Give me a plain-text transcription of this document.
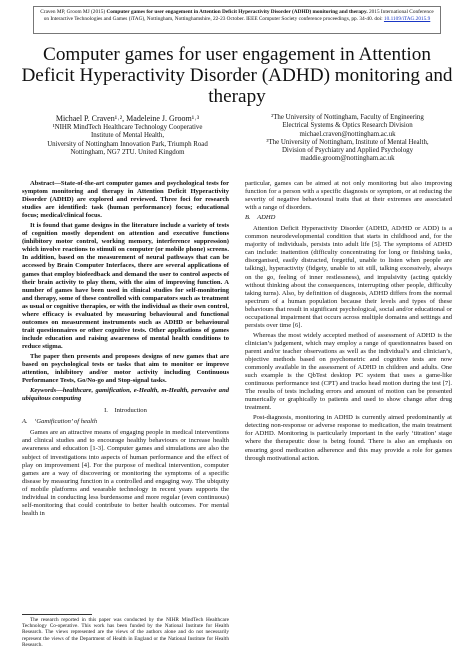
Craven MP, Groom MJ (2015) Computer games for user engagement in Attention Deficit Hyperactivity Disorder (ADHD) monitoring and therapy. 2015 International Conference on Interactive Technologies and Games (iTAG), Nottingham, Nottinghamshire, 22-23 October. IEEE Computer Society conference proceedings, pp. 34-40. doi: 10.1109/iTAG.2015.9
Computer games for user engagement in Attention Deficit Hyperactivity Disorder (ADHD) monitoring and therapy
Michael P. Craven¹˒², Madeleine J. Groom¹˒³
¹NIHR MindTech Healthcare Technology Cooperative
Institute of Mental Health,
University of Nottingham Innovation Park, Triumph Road
Nottingham, NG7 2TU. United Kingdom
²The University of Nottingham, Faculty of Engineering
Electrical Systems & Optics Research Division
michael.craven@nottingham.ac.uk
³The University of Nottingham, Institute of Mental Health,
Division of Psychiatry and Applied Psychology
maddie.groom@nottingham.ac.uk

Abstract—State-of-the-art computer games and psychological tests for symptom monitoring and therapy in Attention Deficit Hyperactivity Disorder (ADHD) are explored and reviewed. Three foci for research studies are identified: task (human performance) focus; educational focus; medical/clinical focus.

It is found that game designs in the literature include a variety of tests of cognition mostly dependent on attention and executive functions (inhibitory motor control, working memory, interference suppression) which involve reactions to stimuli on computer (or mobile phone) screens. In addition, based on the measurement of neural pathways that can be accessed by Brain Computer Interfaces, there are several applications of games that employ biofeedback and demand the user to control aspects of their brain activity to play them, with the aim of improving function. A number of games have been used in clinical studies for self-monitoring and therapy, some of these controlled with comparators such as treatment as usual or cognitive therapies, or with the individual as their own control, where efficacy is evaluated by measuring behavioural and functional outcomes on measurement instruments such as ADHD or behavioural trait questionnaires or other cognitive tests. Other applications of games include education and raising awareness of mental health conditions to reduce stigma.

The paper then presents and proposes designs of new games that are based on psychological tests or tasks that aim to monitor or improve attention, inhibitory and/or motor activity including Continuous Performance Tests, Go/No-go and Stop-signal tasks.

Keywords—healthcare, gamification, e-Health, m-Health, pervasive and ubiquitous computing

I. Introduction
A. ‘Gamification’ of health

Games are an attractive means of engaging people in medical interventions and clinical studies and to encourage healthy behaviours or increase health awareness and education [1-3]. Computer games and simulations are also the subject of investigations into aspects of human performance and the effect of play on improvement [4]. For the purpose of medical intervention, computer games are a way of discovering or monitoring the symptoms of a specific disease by measuring function in a controlled and engaging way. The ubiquity of mobile platforms and wearable technology in recent years supports the individual in conducting less burdensome and more regular (even continuous) self-monitoring that could contribute to better health outcomes. For mental health in

The research reported in this paper was conducted by the NIHR MindTech Healthcare Technology Co-operative. This work has been funded by the National Institute for Health Research. The views represented are the views of the authors alone and do not necessarily represent the views of the Department of Health in England or the National Institute for Health Research.

particular, games can be aimed at not only monitoring but also improving function for a person with a specific diagnosis or symptom, or at reducing the severity of negative behavioural traits that at their extremes are associated with a range of disorders.

B. ADHD

Attention Deficit Hyperactivity Disorder (ADHD, AD/HD or ADD) is a common neurodevelopmental condition that starts in childhood and, for the majority of individuals, persists into adult life [5]. The symptoms of ADHD can include: inattention (difficulty concentrating for long or finishing tasks, disorganised, easily distracted, forgetful, unable to listen when people are talking), hyperactivity (fidgety, unable to sit still, talking excessively, always on the go, feeling of inner restlessness), and impulsivity (acting quickly without thinking about the consequences, interrupting other people, difficulty taking turns). Also, by definition of diagnosis, ADHD differs from the normal spectrum of a human population because their levels and types of these behaviours that result in significant psychological, social and/or educational or occupational impairment that occurs across multiple domains and settings and persists over time [6].

Whereas the most widely accepted method of assessment of ADHD is the clinician’s judgement, which may employ a range of questionnaires based on parent and/or teacher observations as well as the individual’s and clinician’s, objective methods based on psychometric and cognitive tests are now commonly available in the assessment of ADHD in children and adults. One such example is the QbTest desktop PC system that uses a game-like continuous performance test (CPT) and tracks head motion during the test [7]. The results of tests including errors and amount of motion can be presented numerically or graphically to patients and used to show change after drug treatment.

Post-diagnosis, monitoring in ADHD is currently aimed predominantly at detecting non-response or adverse response to medication, the main treatment for ADHD. Monitoring is particularly important in the early ‘titration’ stage where the therapeutic dose is being found. There is also an emphasis on ensuring good medication adherence and this may provide a role for games through motivational action.
